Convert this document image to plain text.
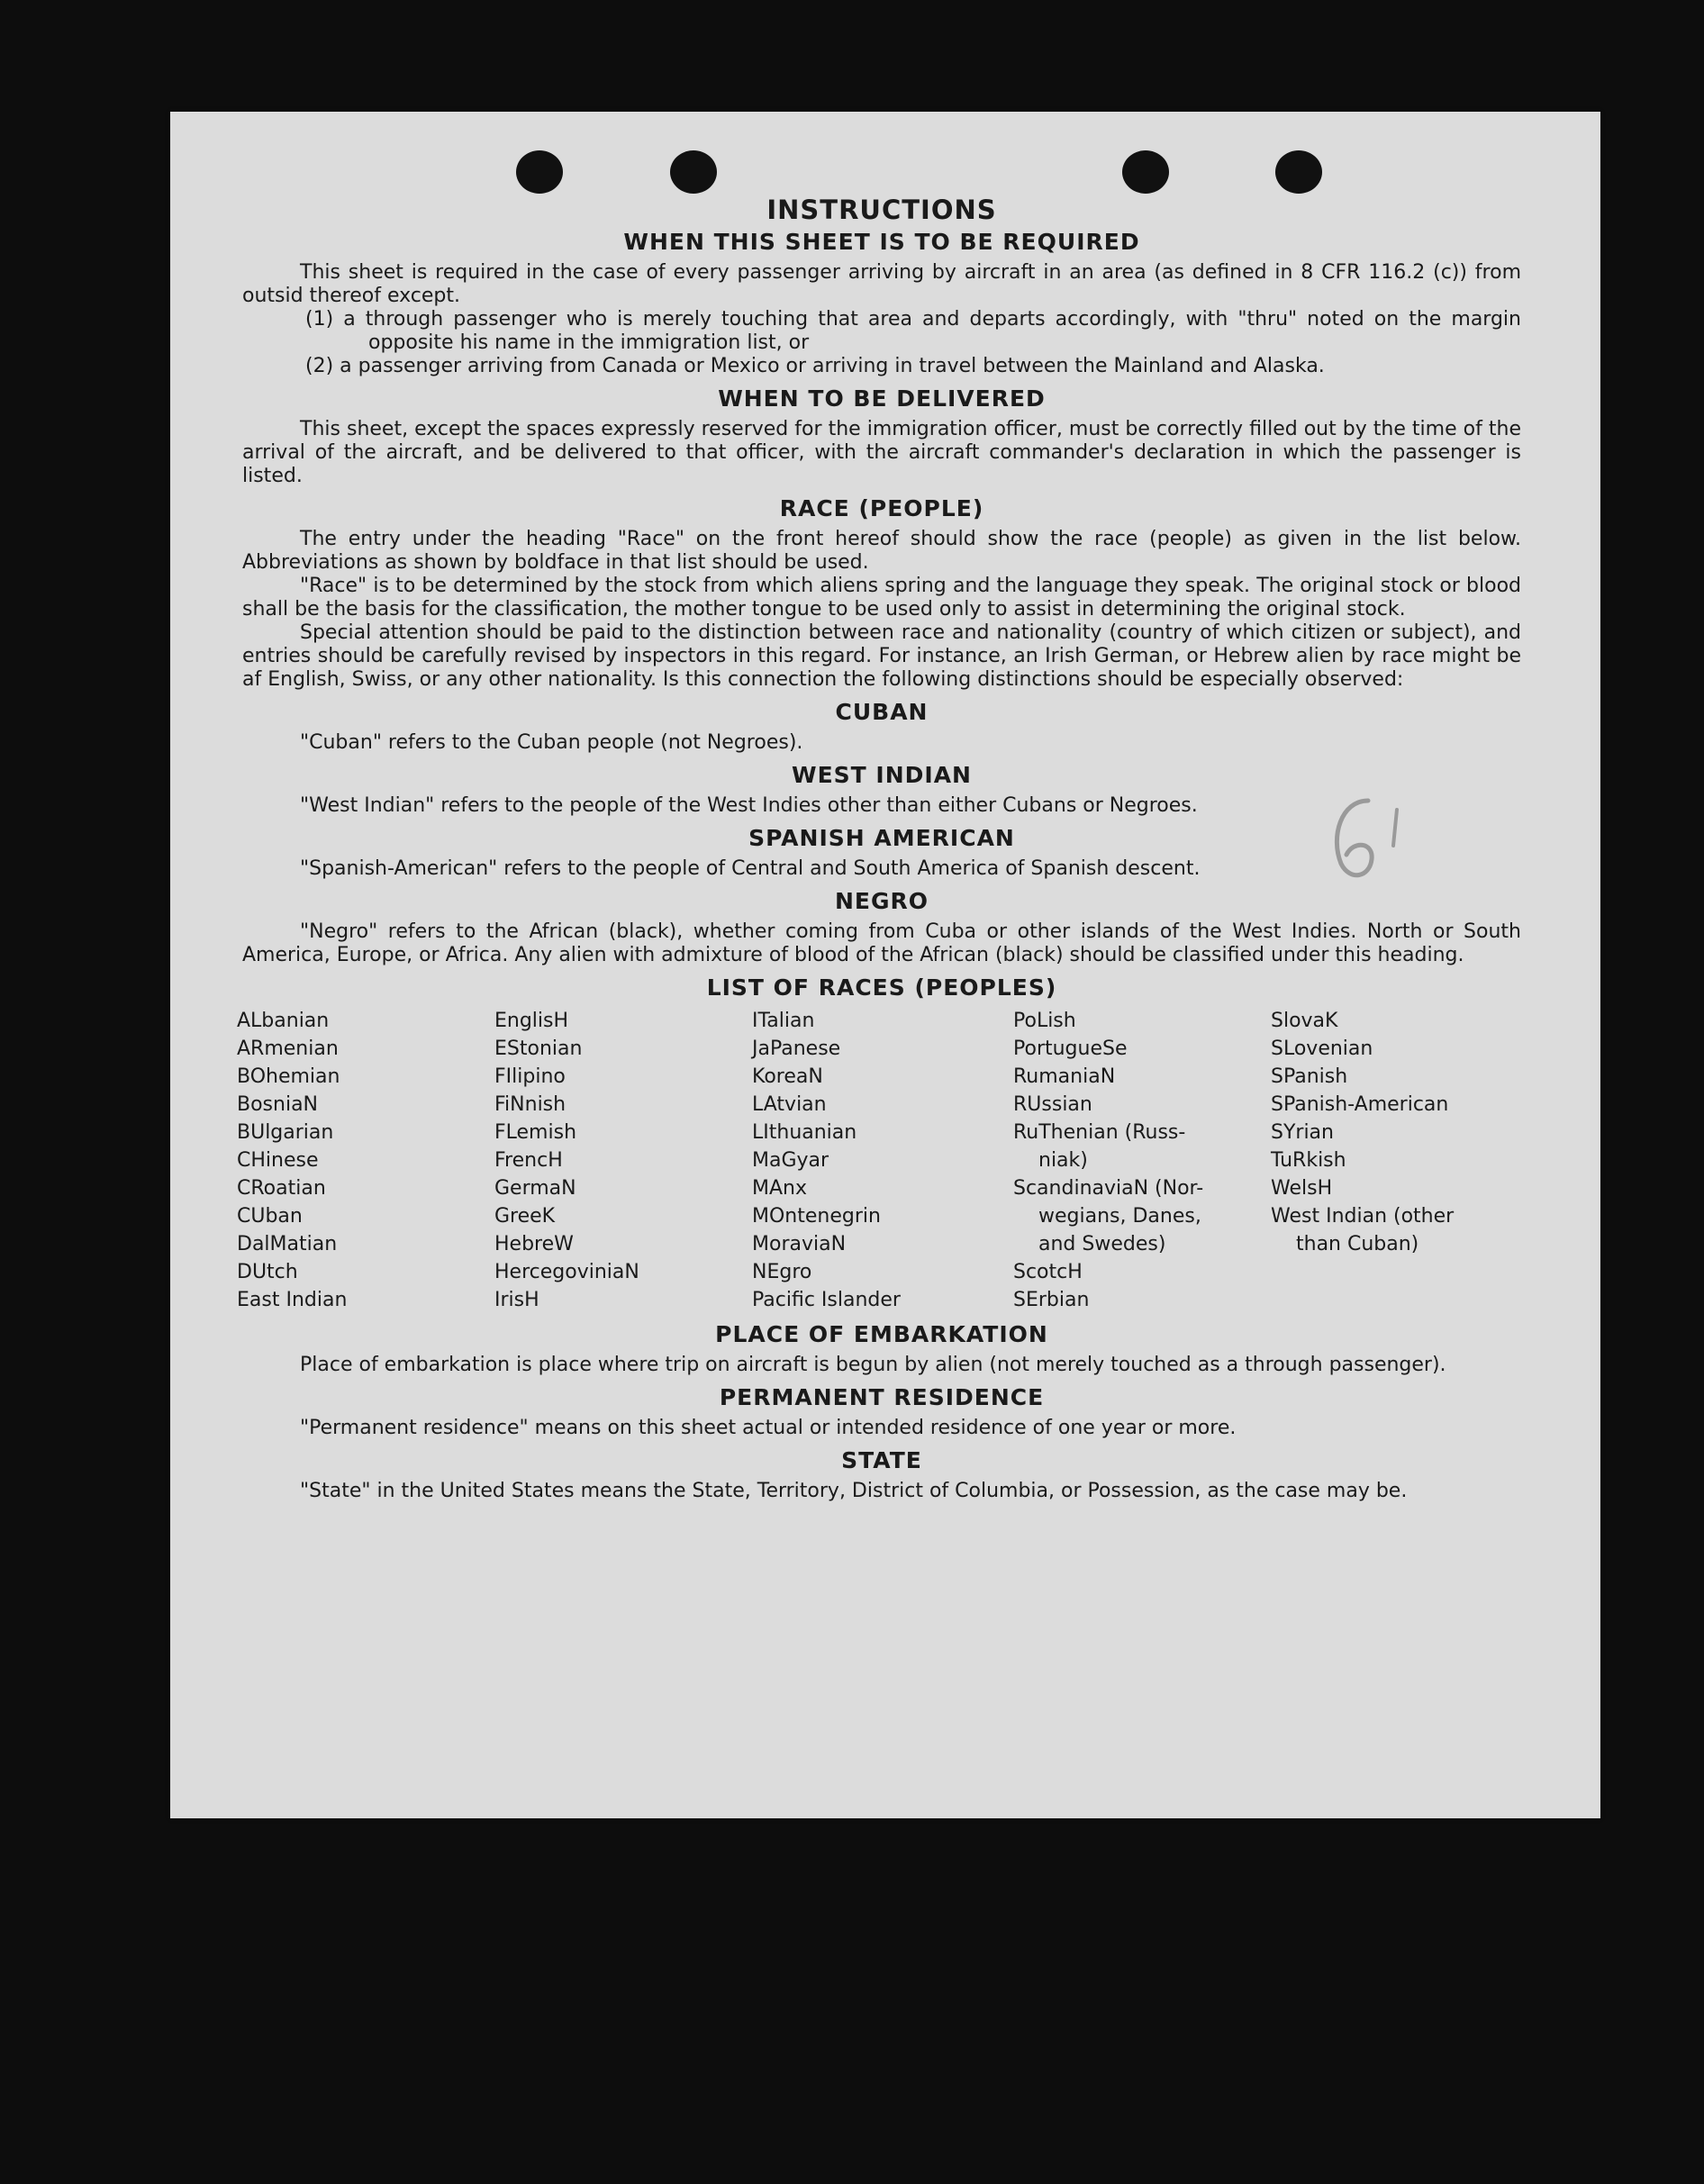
INSTRUCTIONS
WHEN THIS SHEET IS TO BE REQUIRED

This sheet is required in the case of every passenger arriving by aircraft in an area (as defined in 8 CFR 116.2 (c)) from outsid thereof except.

(1) a through passenger who is merely touching that area and departs accordingly, with "thru" noted on the margin opposite his name in the immigration list, or

(2) a passenger arriving from Canada or Mexico or arriving in travel between the Mainland and Alaska.

WHEN TO BE DELIVERED

This sheet, except the spaces expressly reserved for the immigration officer, must be correctly filled out by the time of the arrival of the aircraft, and be delivered to that officer, with the aircraft commander's declaration in which the passenger is listed.

RACE (PEOPLE)

The entry under the heading "Race" on the front hereof should show the race (people) as given in the list below. Abbreviations as shown by boldface in that list should be used.

"Race" is to be determined by the stock from which aliens spring and the language they speak. The original stock or blood shall be the basis for the classification, the mother tongue to be used only to assist in determining the original stock.

Special attention should be paid to the distinction between race and nationality (country of which citizen or subject), and entries should be carefully revised by inspectors in this regard. For instance, an Irish German, or Hebrew alien by race might be af English, Swiss, or any other nationality. Is this connection the following distinctions should be especially observed:

CUBAN

"Cuban" refers to the Cuban people (not Negroes).

WEST INDIAN

"West Indian" refers to the people of the West Indies other than either Cubans or Negroes.

SPANISH AMERICAN

"Spanish-American" refers to the people of Central and South America of Spanish descent.

NEGRO

"Negro" refers to the African (black), whether coming from Cuba or other islands of the West Indies. North or South America, Europe, or Africa. Any alien with admixture of blood of the African (black) should be classified under this heading.

LIST OF RACES (PEOPLES)
ALbanian
ARmenian
BOhemian
BosniaN
BUlgarian
CHinese
CRoatian
CUban
DalMatian
DUtch
East Indian
EnglisH
EStonian
FIlipino
FiNnish
FLemish
FrencH
GermaN
GreeK
HebreW
HercegoviniaN
IrisH
ITalian
JaPanese
KoreaN
LAtvian
LIthuanian
MaGyar
MAnx
MOntenegrin
MoraviaN
NEgro
Pacific Islander
PoLish
PortugueSe
RumaniaN
RUssian
RuThenian (Russ-
niak)
ScandinaviaN (Nor-
wegians, Danes,
and Swedes)
ScotcH
SErbian
SlovaK
SLovenian
SPanish
SPanish-American
SYrian
TuRkish
WelsH
West Indian (other
than Cuban)
PLACE OF EMBARKATION

Place of embarkation is place where trip on aircraft is begun by alien (not merely touched as a through passenger).

PERMANENT RESIDENCE

"Permanent residence" means on this sheet actual or intended residence of one year or more.

STATE

"State" in the United States means the State, Territory, District of Columbia, or Possession, as the case may be.
